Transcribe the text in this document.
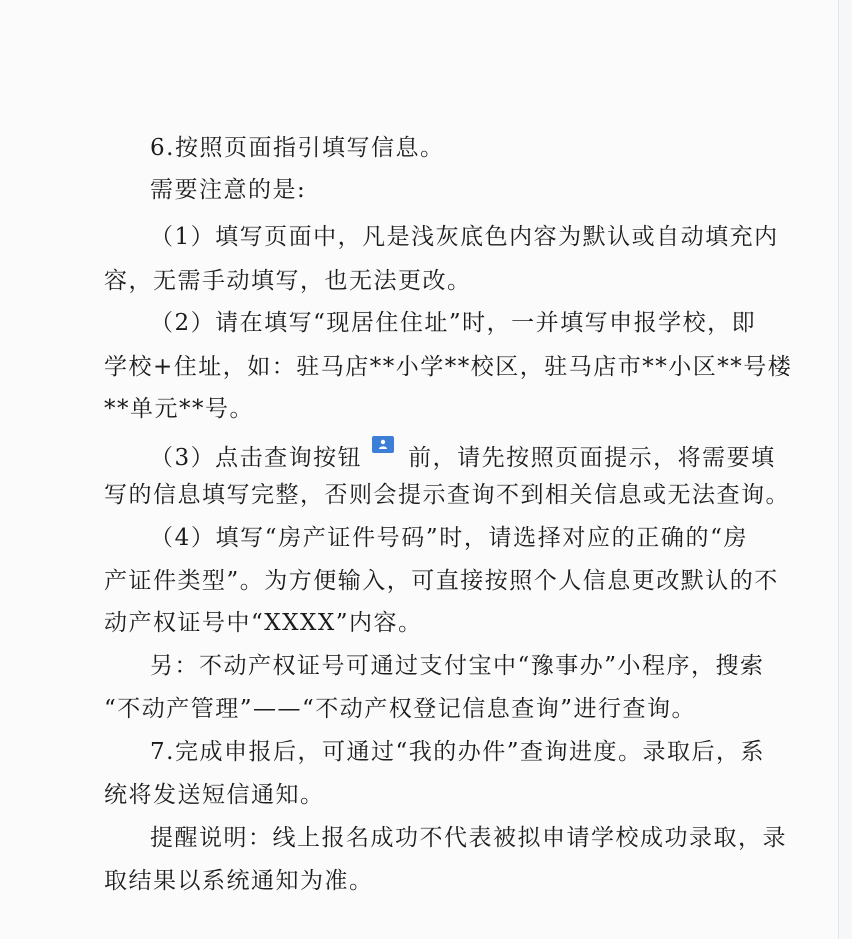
6.按照页面指引填写信息。
需要注意的是:
（1）填写页面中，凡是浅灰底色内容为默认或自动填充内
容，无需手动填写，也无法更改。
（2）请在填写“现居住住址”时，一并填写申报学校，即
学校+住址，如：驻马店**小学**校区，驻马店市**小区**号楼
**单元**号。
（3）点击查询按钮 前，请先按照页面提示，将需要填
写的信息填写完整，否则会提示查询不到相关信息或无法查询。
（4）填写“房产证件号码”时，请选择对应的正确的“房
产证件类型”。为方便输入，可直接按照个人信息更改默认的不
动产权证号中“XXXX”内容。
另：不动产权证号可通过支付宝中“豫事办”小程序，搜索
“不动产管理”——“不动产权登记信息查询”进行查询。
7.完成申报后，可通过“我的办件”查询进度。录取后，系
统将发送短信通知。
提醒说明：线上报名成功不代表被拟申请学校成功录取，录
取结果以系统通知为准。
